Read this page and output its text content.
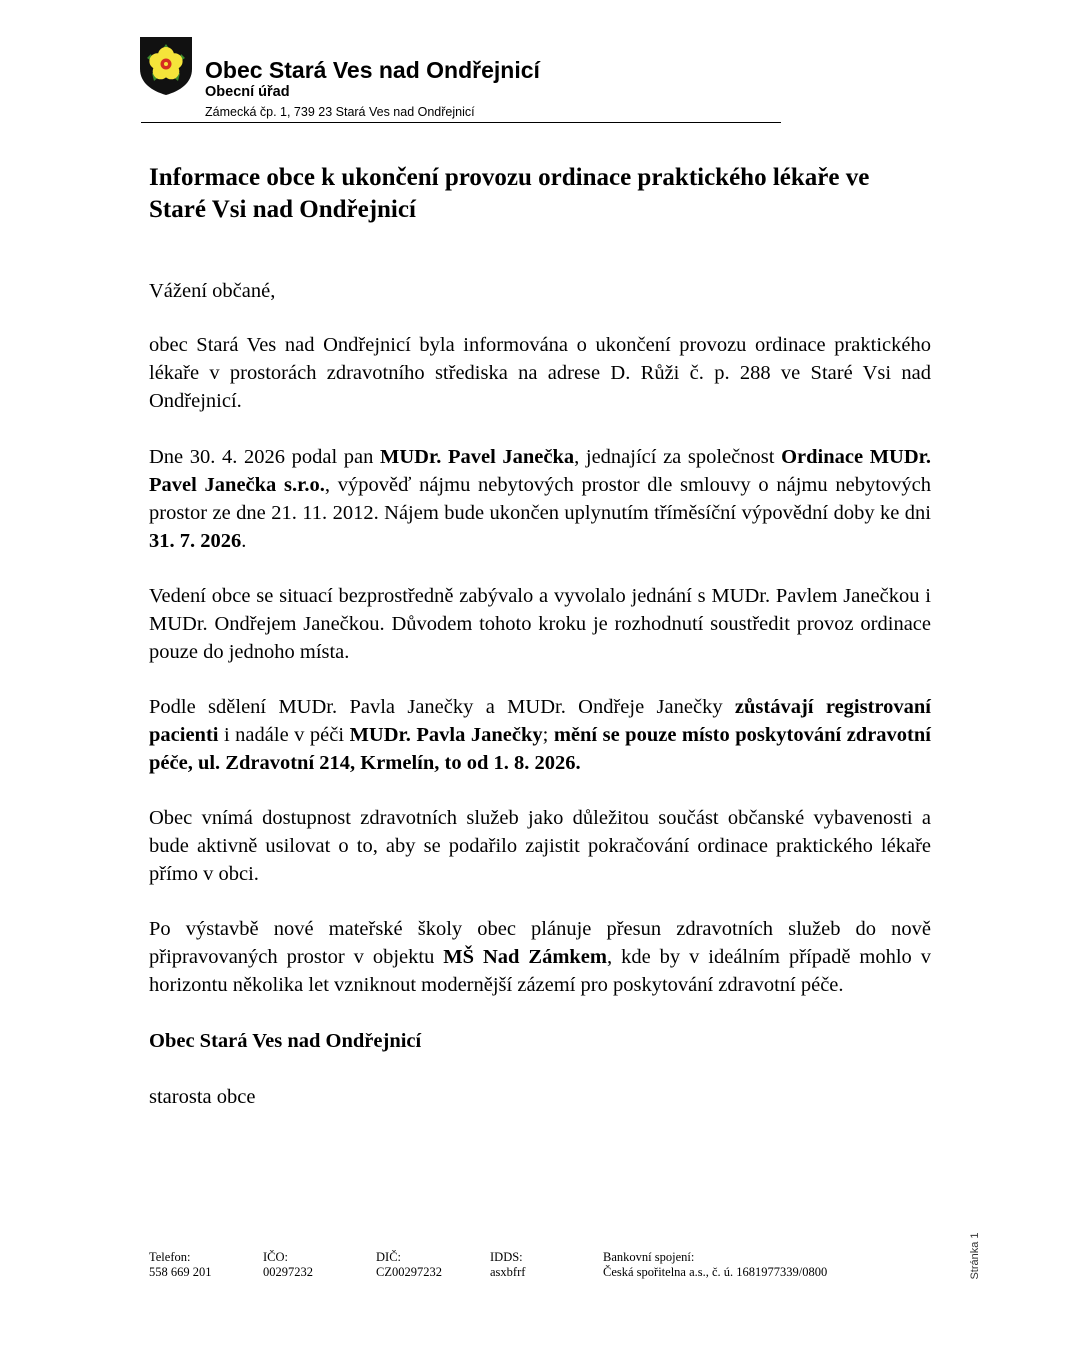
Obec Stará Ves nad Ondřejnicí
Obecní úřad
Zámecká čp. 1, 739 23 Stará Ves nad Ondřejnicí
Informace obce k ukončení provozu ordinace praktického lékaře ve Staré Vsi nad Ondřejnicí
Vážení občané,
obec Stará Ves nad Ondřejnicí byla informována o ukončení provozu ordinace praktického lékaře v prostorách zdravotního střediska na adrese D. Růži č. p. 288 ve Staré Vsi nad Ondřejnicí.
Dne 30. 4. 2026 podal pan MUDr. Pavel Janečka, jednající za společnost Ordinace MUDr. Pavel Janečka s.r.o., výpověď nájmu nebytových prostor dle smlouvy o nájmu nebytových prostor ze dne 21. 11. 2012. Nájem bude ukončen uplynutím tříměsíční výpovědní doby ke dni 31. 7. 2026.
Vedení obce se situací bezprostředně zabývalo a vyvolalo jednání s MUDr. Pavlem Janečkou i MUDr. Ondřejem Janečkou. Důvodem tohoto kroku je rozhodnutí soustředit provoz ordinace pouze do jednoho místa.
Podle sdělení MUDr. Pavla Janečky a MUDr. Ondřeje Janečky zůstávají registrovaní pacienti i nadále v péči MUDr. Pavla Janečky; mění se pouze místo poskytování zdravotní péče, ul. Zdravotní 214, Krmelín, to od 1. 8. 2026.
Obec vnímá dostupnost zdravotních služeb jako důležitou součást občanské vybavenosti a bude aktivně usilovat o to, aby se podařilo zajistit pokračování ordinace praktického lékaře přímo v obci.
Po výstavbě nové mateřské školy obec plánuje přesun zdravotních služeb do nově připravovaných prostor v objektu MŠ Nad Zámkem, kde by v ideálním případě mohlo v horizontu několika let vzniknout modernější zázemí pro poskytování zdravotní péče.
Obec Stará Ves nad Ondřejnicí
starosta obce
Telefon:
558 669 201
IČO:
00297232
DIČ:
CZ00297232
IDDS:
asxbfrf
Bankovní spojení:
Česká spořitelna a.s., č. ú. 1681977339/0800	Stránka 1
